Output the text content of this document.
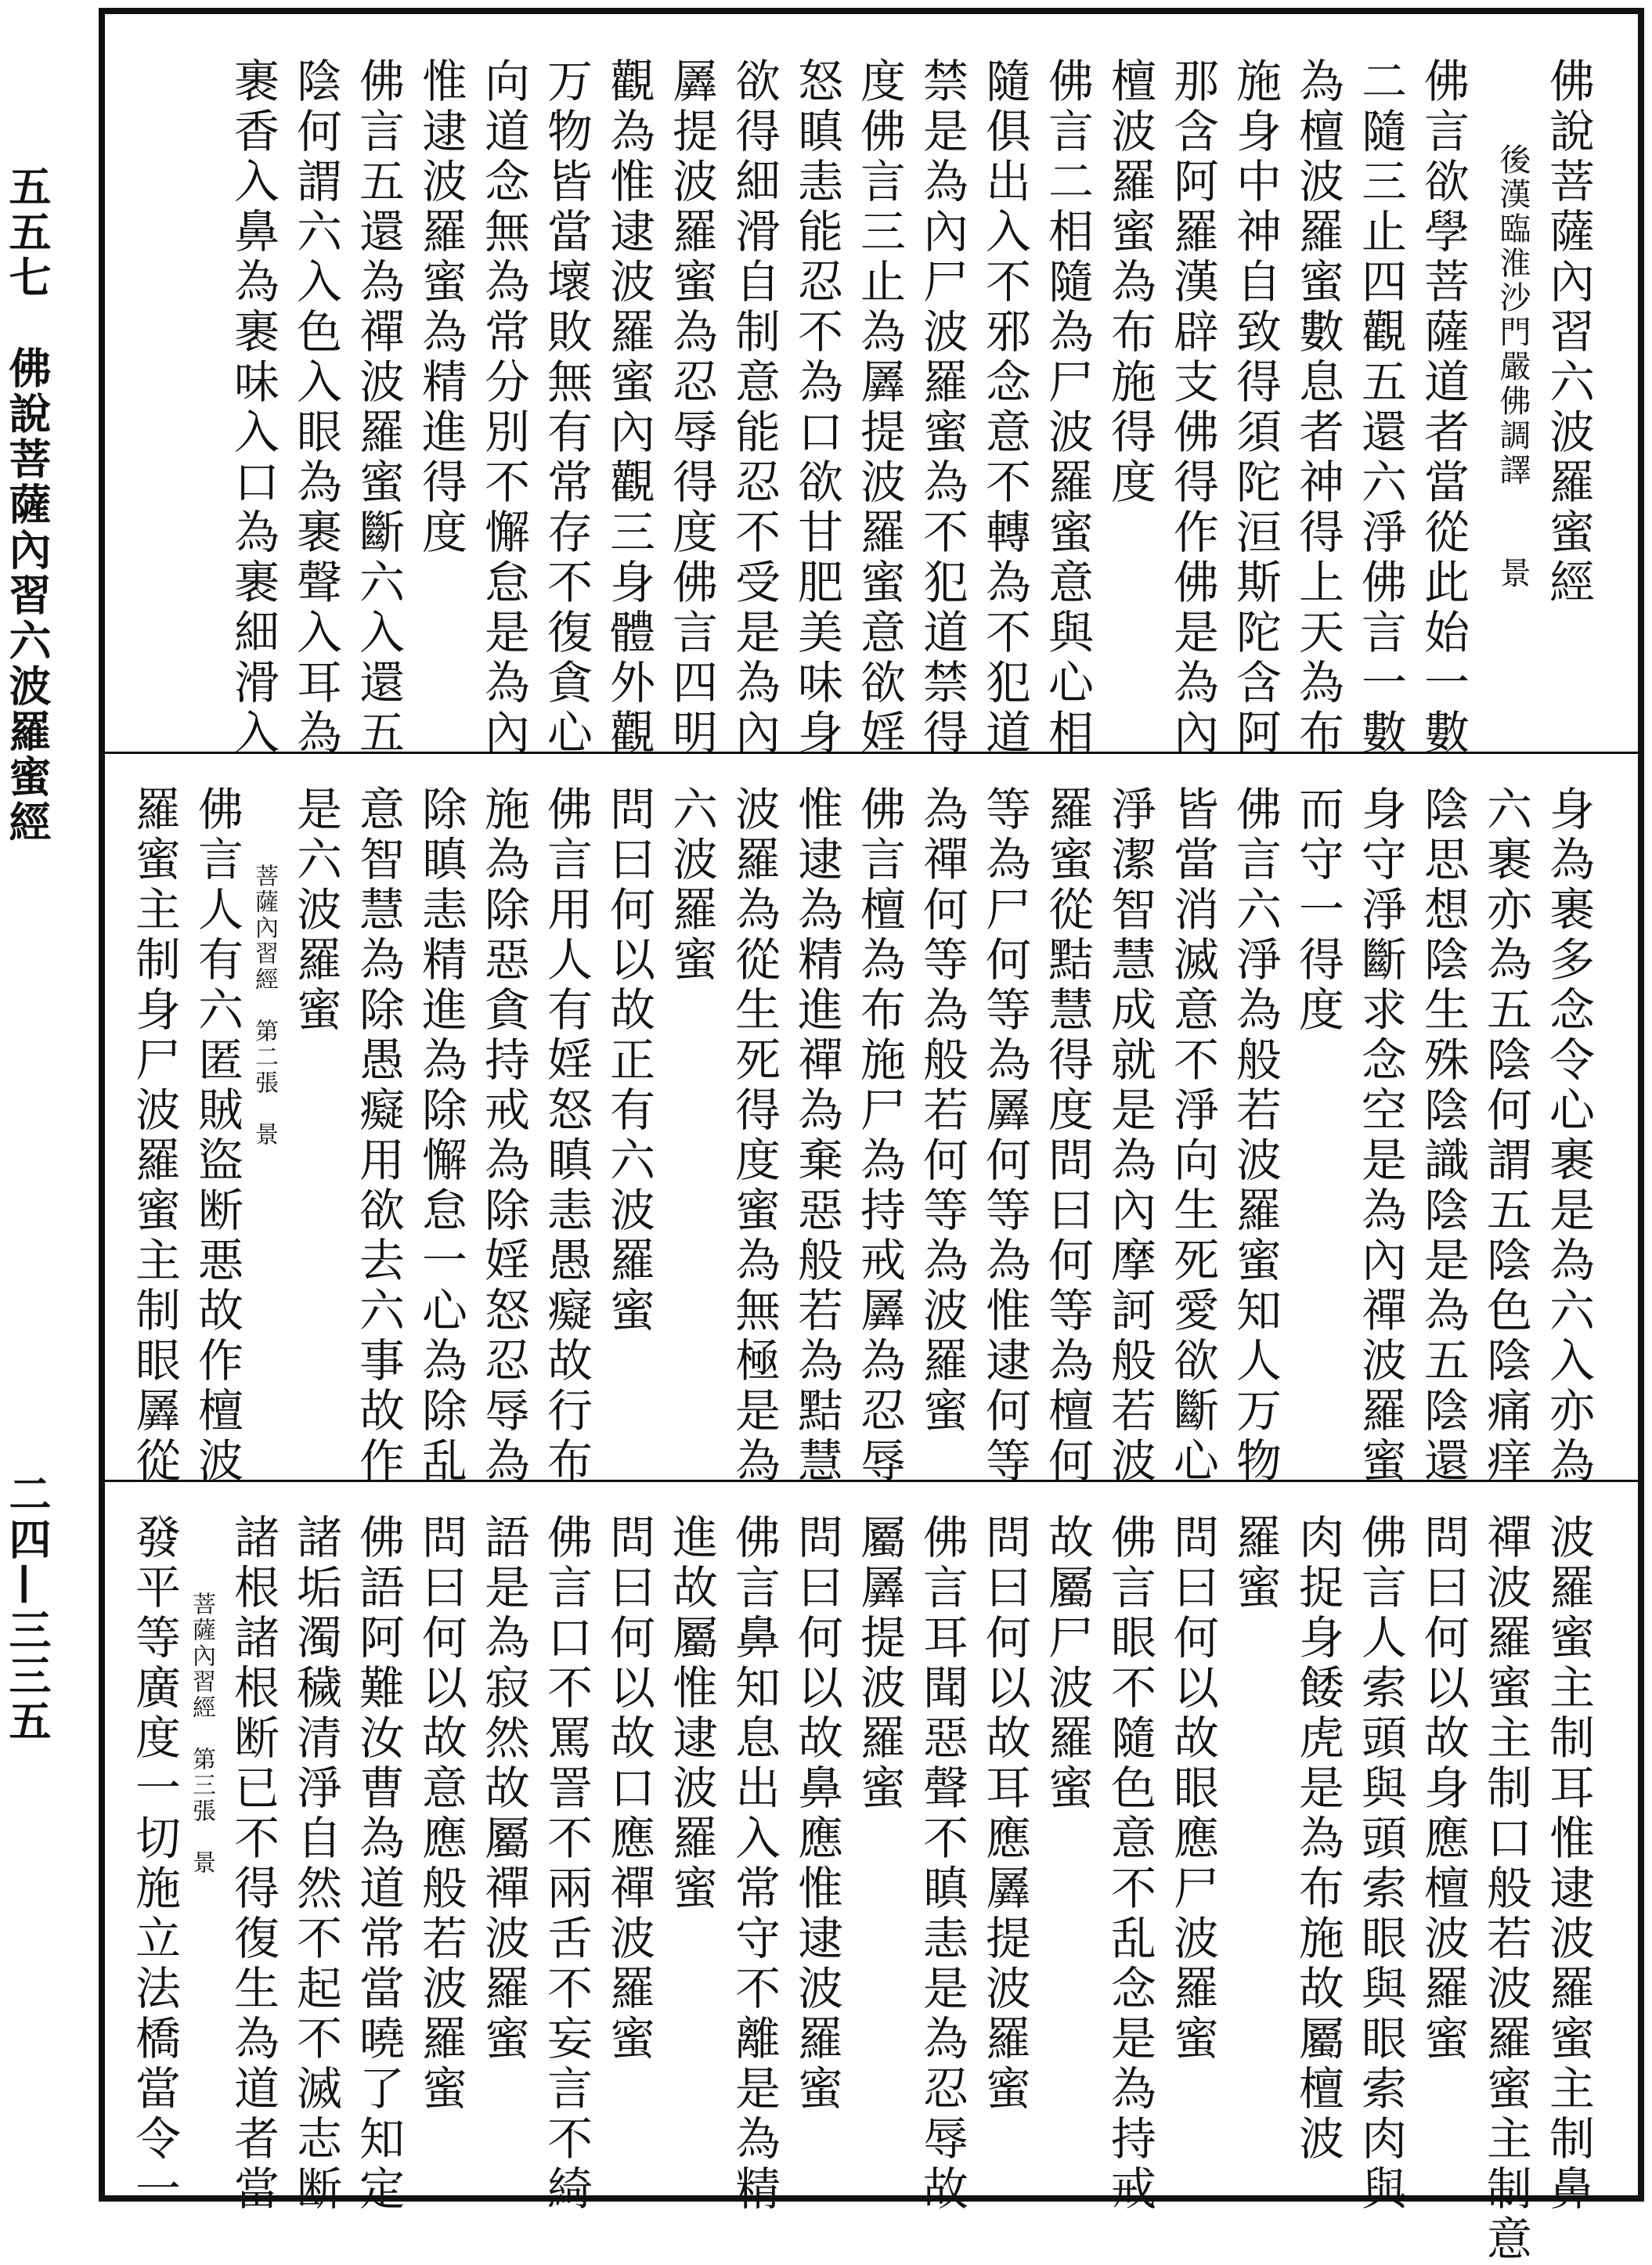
五五七　佛說菩薩內習六波羅蜜經
二四—三三五
佛說菩薩內習六波羅蜜經
後漢臨淮沙門嚴佛調譯　　景
佛言欲學菩薩道者當從此始一數
二隨三止四觀五還六淨佛言一數
為檀波羅蜜數息者神得上天為布
施身中神自致得須陀洹斯陀含阿
那含阿羅漢辟支佛得作佛是為內
檀波羅蜜為布施得度
佛言二相隨為尸波羅蜜意與心相
隨俱出入不邪念意不轉為不犯道
禁是為內尸波羅蜜為不犯道禁得
度佛言三止為羼提波羅蜜意欲婬
怒瞋恚能忍不為口欲甘肥美味身
欲得細滑自制意能忍不受是為內
羼提波羅蜜為忍辱得度佛言四明
觀為惟逮波羅蜜內觀三身體外觀
万物皆當壞敗無有常存不復貪心
向道念無為常分別不懈怠是為內
惟逮波羅蜜為精進得度
佛言五還為禪波羅蜜斷六入還五
陰何謂六入色入眼為裹聲入耳為
裹香入鼻為裹味入口為裹細滑入
身為裹多念令心裹是為六入亦為
六裹亦為五陰何謂五陰色陰痛痒
陰思想陰生殊陰識陰是為五陰還
身守淨斷求念空是為內禪波羅蜜
而守一得度
佛言六淨為般若波羅蜜知人万物
皆當消滅意不淨向生死愛欲斷心
淨潔智慧成就是為內摩訶般若波
羅蜜從黠慧得度問曰何等為檀何
等為尸何等為羼何等為惟逮何等
為禪何等為般若何等為波羅蜜
佛言檀為布施尸為持戒羼為忍辱
惟逮為精進禪為棄惡般若為黠慧
波羅為從生死得度蜜為無極是為
六波羅蜜
問曰何以故正有六波羅蜜
佛言用人有婬怒瞋恚愚癡故行布
施為除惡貪持戒為除婬怒忍辱為
除瞋恚精進為除懈怠一心為除乱
意智慧為除愚癡用欲去六事故作
是六波羅蜜
菩薩內習經　第二張　景
佛言人有六匿賊盜断悪故作檀波
羅蜜主制身尸波羅蜜主制眼羼從
波羅蜜主制耳惟逮波羅蜜主制鼻
禪波羅蜜主制口般若波羅蜜主制意
問曰何以故身應檀波羅蜜
佛言人索頭與頭索眼與眼索肉與
肉捉身餧虎是為布施故屬檀波
羅蜜
問曰何以故眼應尸波羅蜜
佛言眼不隨色意不乱念是為持戒
故屬尸波羅蜜
問曰何以故耳應羼提波羅蜜
佛言耳聞惡聲不瞋恚是為忍辱故
屬羼提波羅蜜
問曰何以故鼻應惟逮波羅蜜
佛言鼻知息出入常守不離是為精
進故屬惟逮波羅蜜
問曰何以故口應禪波羅蜜
佛言口不罵詈不兩舌不妄言不綺
語是為寂然故屬禪波羅蜜
問曰何以故意應般若波羅蜜
佛語阿難汝曹為道常當曉了知定
諸垢濁穢清淨自然不起不滅志断
諸根諸根断已不得復生為道者當
菩薩內習經　第三張　景
發平等廣度一切施立法橋當令一
